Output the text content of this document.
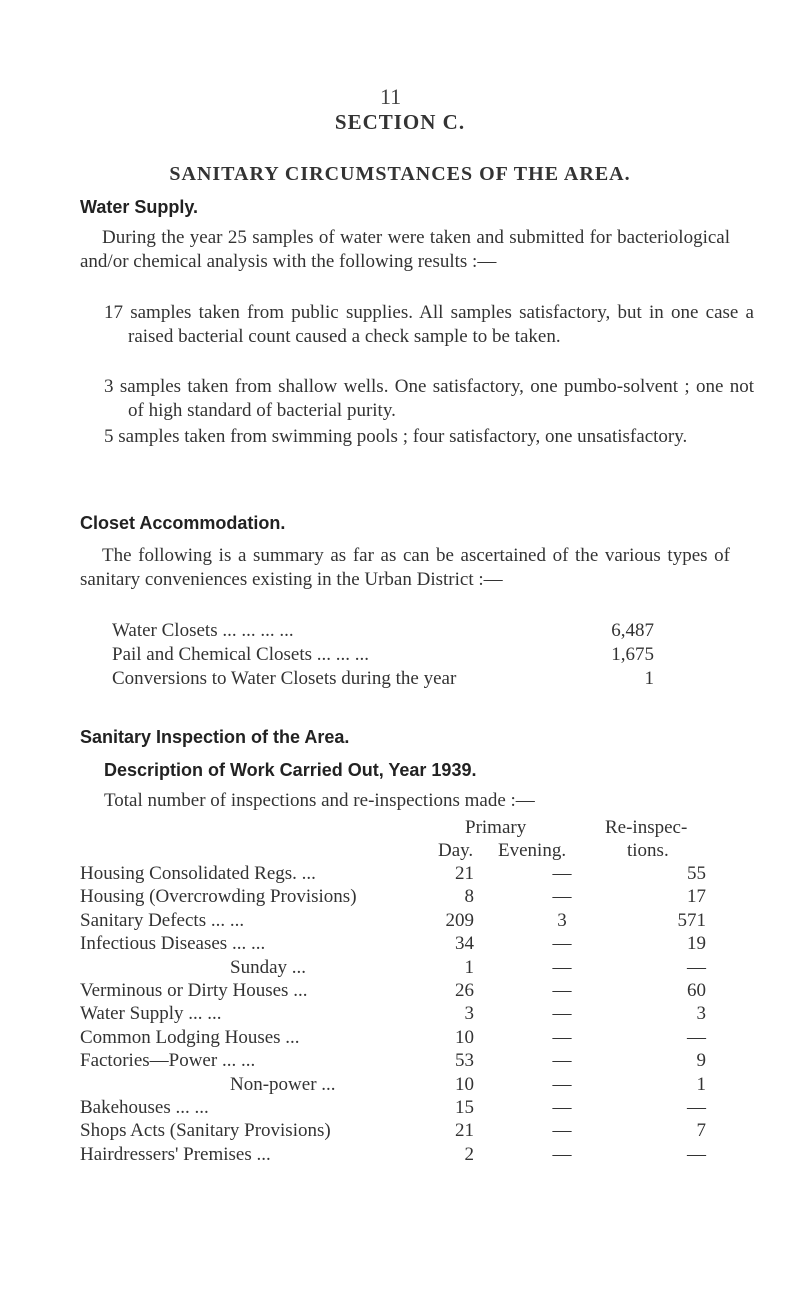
11
SECTION C.
SANITARY CIRCUMSTANCES OF THE AREA.
Water Supply.
During the year 25 samples of water were taken and submitted for bacteriological and/or chemical analysis with the following results :—
17 samples taken from public supplies. All samples satisfactory, but in one case a raised bacterial count caused a check sample to be taken.
3 samples taken from shallow wells. One satisfactory, one pumbo-solvent ; one not of high standard of bacterial purity.
5 samples taken from swimming pools ; four satisfactory, one unsatisfactory.
Closet Accommodation.
The following is a summary as far as can be ascertained of the various types of sanitary conveniences existing in the Urban District :—
Water Closets ... ... ... ...	6,487
Pail and Chemical Closets ... ... ...	1,675
Conversions to Water Closets during the year	1
Sanitary Inspection of the Area.
Description of Work Carried Out, Year 1939.
Total number of inspections and re-inspections made :—
Primary	Re-inspec-
Day. Evening.	tions.
Housing Consolidated Regs. ...	21	—	55
Housing (Overcrowding Provisions)	8	—	17
Sanitary Defects ... ...	209	3	571
Infectious Diseases ... ...	34	—	19
Sunday ...	1	—	—
Verminous or Dirty Houses ...	26	—	60
Water Supply ... ...	3	—	3
Common Lodging Houses ...	10	—	—
Factories—Power ... ...	53	—	9
Non-power ...	10	—	1
Bakehouses ... ...	15	—	—
Shops Acts (Sanitary Provisions)	21	—	7
Hairdressers' Premises ...	2	—	—
